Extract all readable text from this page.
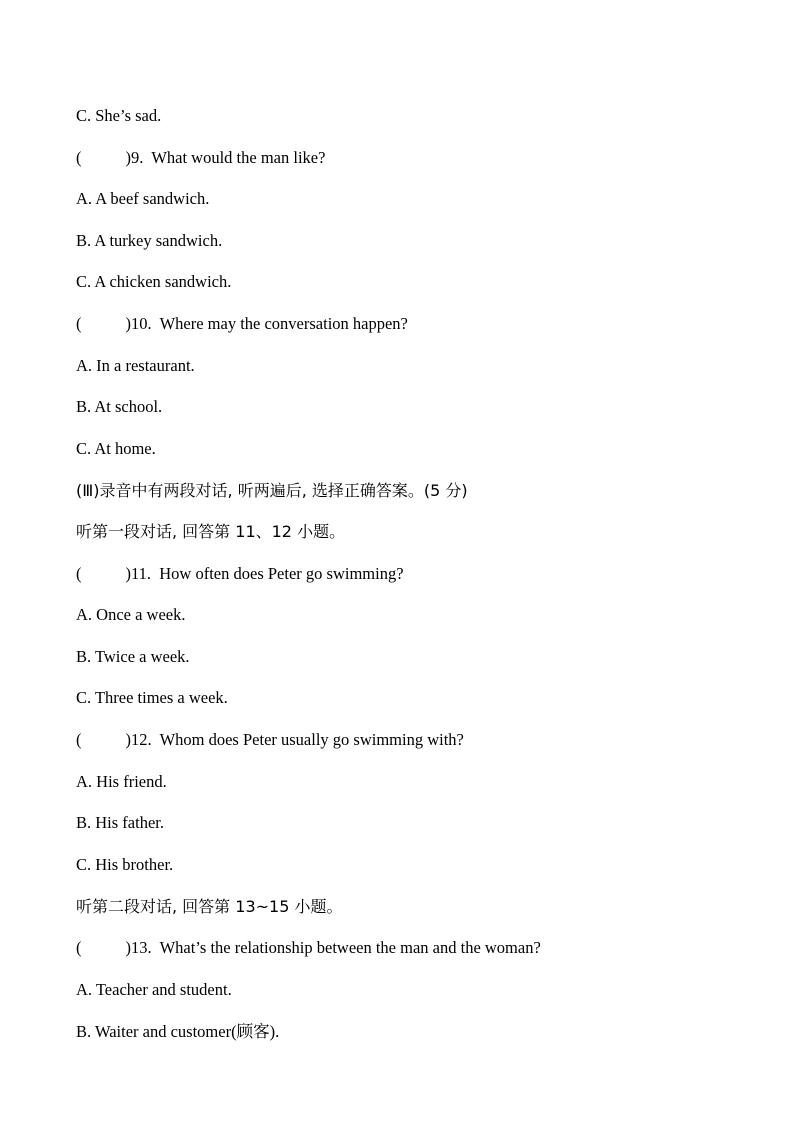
C. She’s sad.
(	)9.  What would the man like?
A. A beef sandwich.
B. A turkey sandwich.
C. A chicken sandwich.
(	)10.  Where may the conversation happen?
A. In a restaurant.
B. At school.
C. At home.
(Ⅲ)录音中有两段对话, 听两遍后, 选择正确答案。(5 分)
听第一段对话, 回答第 11、12 小题。
(	)11.  How often does Peter go swimming?
A. Once a week.
B. Twice a week.
C. Three times a week.
(	)12.  Whom does Peter usually go swimming with?
A. His friend.
B. His father.
C. His brother.
听第二段对话, 回答第 13~15 小题。
(	)13.  What’s the relationship between the man and the woman?
A. Teacher and student.
B. Waiter and customer(顾客).
